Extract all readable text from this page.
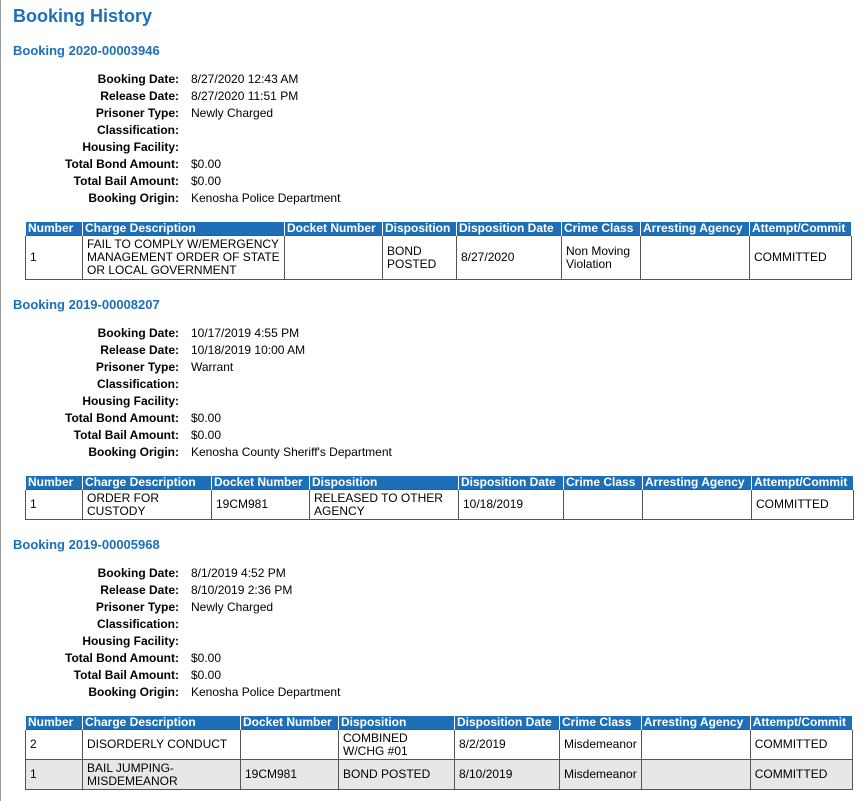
Booking History
Booking 2020-00003946
Booking Date: 8/27/2020 12:43 AM
Release Date: 8/27/2020 11:51 PM
Prisoner Type: Newly Charged
Classification:
Housing Facility:
Total Bond Amount: $0.00
Total Bail Amount: $0.00
Booking Origin: Kenosha Police Department
Number	Charge Description	Docket Number	Disposition	Disposition Date	Crime Class	Arresting Agency	Attempt/Commit
1	FAIL TO COMPLY W/EMERGENCY MANAGEMENT ORDER OF STATE OR LOCAL GOVERNMENT		BOND POSTED	8/27/2020	Non Moving Violation		COMMITTED
Booking 2019-00008207
Booking Date: 10/17/2019 4:55 PM
Release Date: 10/18/2019 10:00 AM
Prisoner Type: Warrant
Classification:
Housing Facility:
Total Bond Amount: $0.00
Total Bail Amount: $0.00
Booking Origin: Kenosha County Sheriff's Department
Number	Charge Description	Docket Number	Disposition	Disposition Date	Crime Class	Arresting Agency	Attempt/Commit
1	ORDER FOR CUSTODY	19CM981	RELEASED TO OTHER AGENCY	10/18/2019			COMMITTED
Booking 2019-00005968
Booking Date: 8/1/2019 4:52 PM
Release Date: 8/10/2019 2:36 PM
Prisoner Type: Newly Charged
Classification:
Housing Facility:
Total Bond Amount: $0.00
Total Bail Amount: $0.00
Booking Origin: Kenosha Police Department
Number	Charge Description	Docket Number	Disposition	Disposition Date	Crime Class	Arresting Agency	Attempt/Commit
2	DISORDERLY CONDUCT		COMBINED W/CHG #01	8/2/2019	Misdemeanor		COMMITTED
1	BAIL JUMPING-MISDEMEANOR	19CM981	BOND POSTED	8/10/2019	Misdemeanor		COMMITTED
